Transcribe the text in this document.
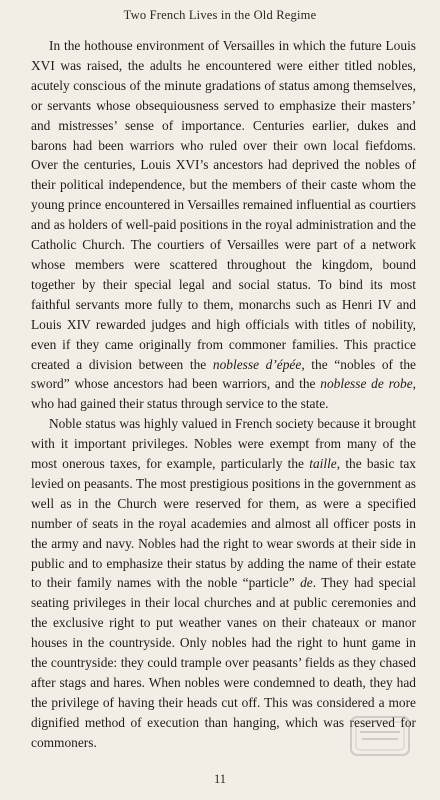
Two French Lives in the Old Regime

In the hothouse environment of Versailles in which the future Louis XVI was raised, the adults he encountered were either titled nobles, acutely conscious of the minute gradations of status among themselves, or servants whose obsequiousness served to emphasize their masters’ and mistresses’ sense of importance. Centuries earlier, dukes and barons had been warriors who ruled over their own local fiefdoms. Over the centuries, Louis XVI’s ancestors had deprived the nobles of their political independence, but the members of their caste whom the young prince encountered in Versailles remained influential as courtiers and as holders of well-paid positions in the royal administration and the Catholic Church. The courtiers of Versailles were part of a network whose members were scattered throughout the kingdom, bound together by their special legal and social status. To bind its most faithful servants more fully to them, monarchs such as Henri IV and Louis XIV rewarded judges and high officials with titles of nobility, even if they came originally from commoner families. This practice created a division between the noblesse d’épée, the “nobles of the sword” whose ancestors had been warriors, and the noblesse de robe, who had gained their status through service to the state.

Noble status was highly valued in French society because it brought with it important privileges. Nobles were exempt from many of the most onerous taxes, for example, particularly the taille, the basic tax levied on peasants. The most prestigious positions in the government as well as in the Church were reserved for them, as were a specified number of seats in the royal academies and almost all officer posts in the army and navy. Nobles had the right to wear swords at their side in public and to emphasize their status by adding the name of their estate to their family names with the noble “particle” de. They had special seating privileges in their local churches and at public ceremonies and the exclusive right to put weather vanes on their chateaux or manor houses in the countryside. Only nobles had the right to hunt game in the countryside: they could trample over peasants’ fields as they chased after stags and hares. When nobles were condemned to death, they had the privilege of having their heads cut off. This was considered a more dignified method of execution than hanging, which was reserved for commoners.

11
